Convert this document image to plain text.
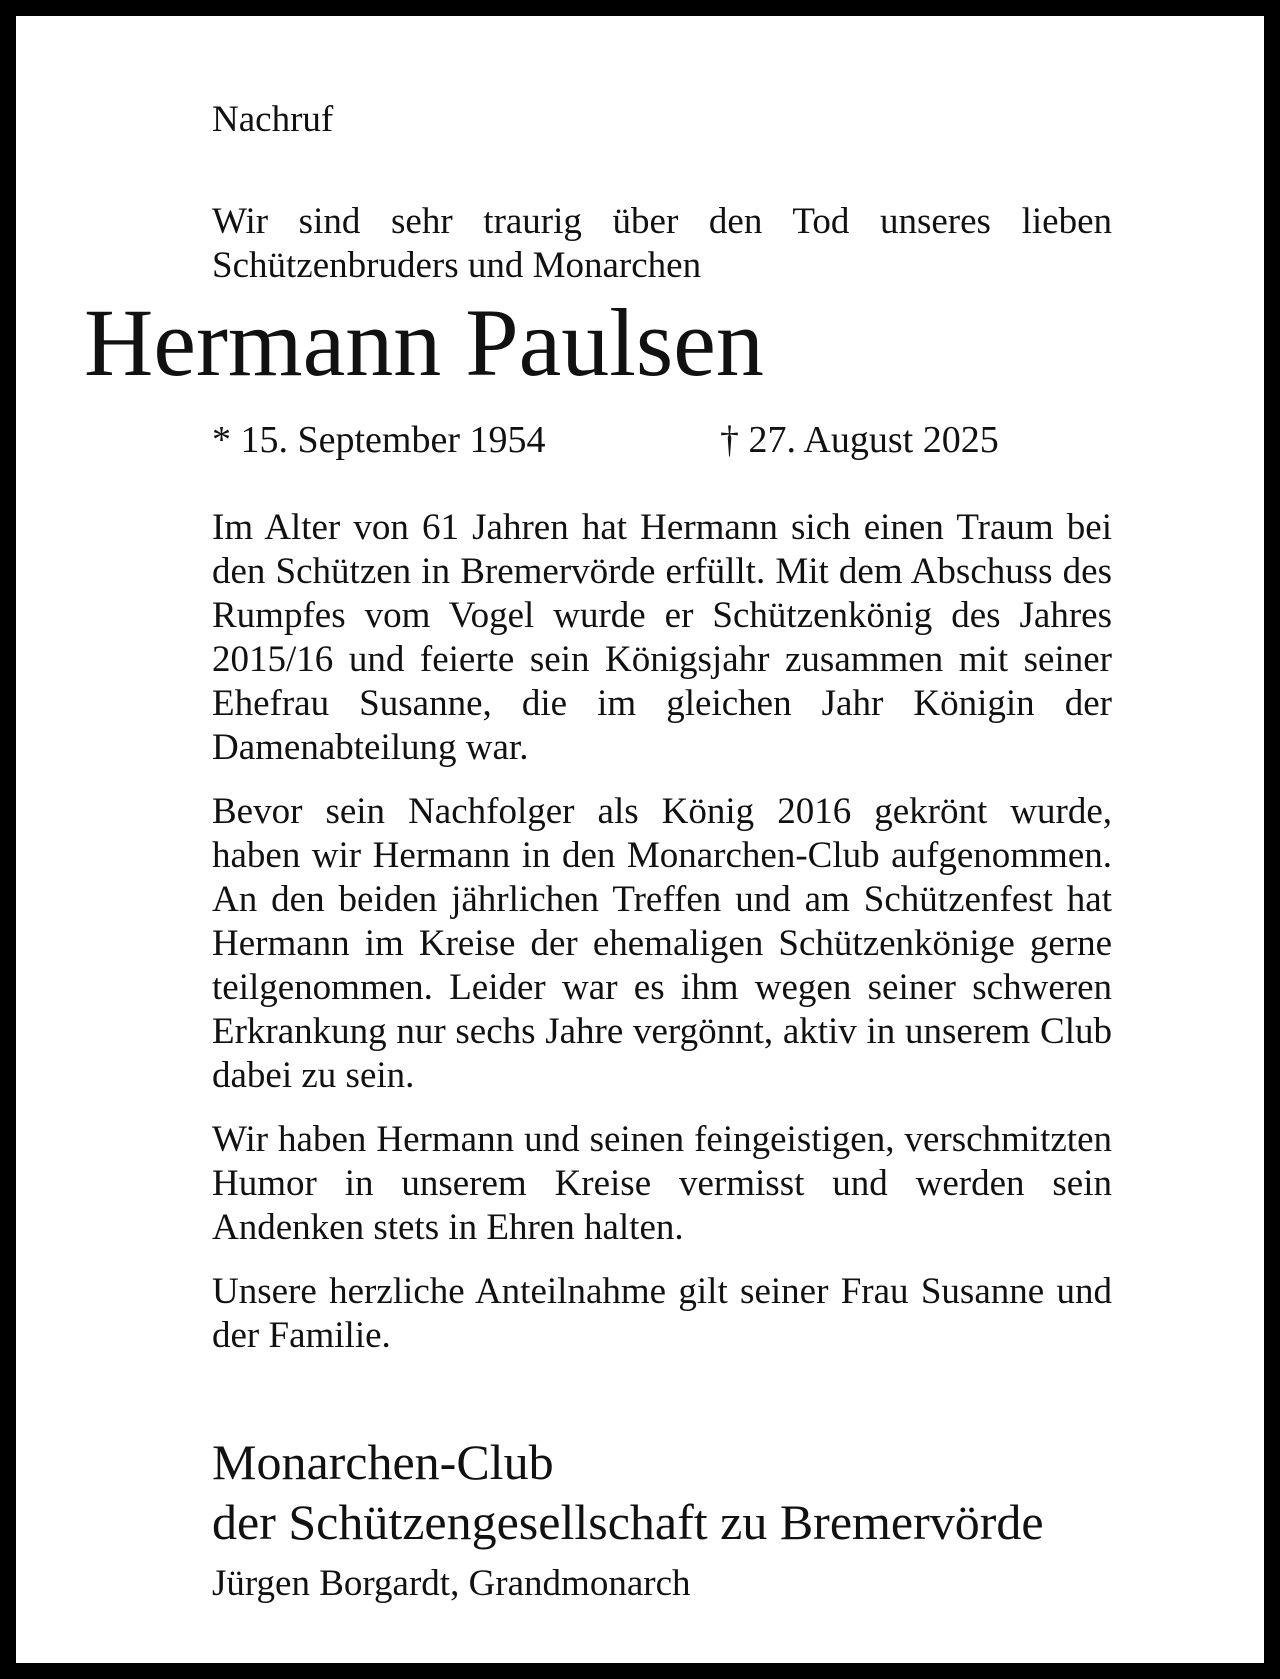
Nachruf

Wir sind sehr traurig über den Tod unseres lieben Schützenbruders und Monarchen

Hermann Paulsen
* 15. September 1954	† 27. August 2025

Im Alter von 61 Jahren hat Hermann sich einen Traum bei den Schützen in Bremervörde erfüllt. Mit dem Abschuss des Rumpfes vom Vogel wurde er Schützenkönig des Jahres 2015/16 und feierte sein Königsjahr zusammen mit seiner Ehefrau Susanne, die im gleichen Jahr Königin der Damenabteilung war.

Bevor sein Nachfolger als König 2016 gekrönt wurde, haben wir Hermann in den Monarchen-Club aufgenommen. An den beiden jährlichen Treffen und am Schützenfest hat Hermann im Kreise der ehemaligen Schützenkönige gerne teilgenommen. Leider war es ihm wegen seiner schweren Erkrankung nur sechs Jahre vergönnt, aktiv in unserem Club dabei zu sein.

Wir haben Hermann und seinen feingeistigen, verschmitzten Humor in unserem Kreise vermisst und werden sein Andenken stets in Ehren halten.

Unsere herzliche Anteilnahme gilt seiner Frau Susanne und der Familie.

Monarchen-Club
der Schützengesellschaft zu Bremervörde

Jürgen Borgardt, Grandmonarch
